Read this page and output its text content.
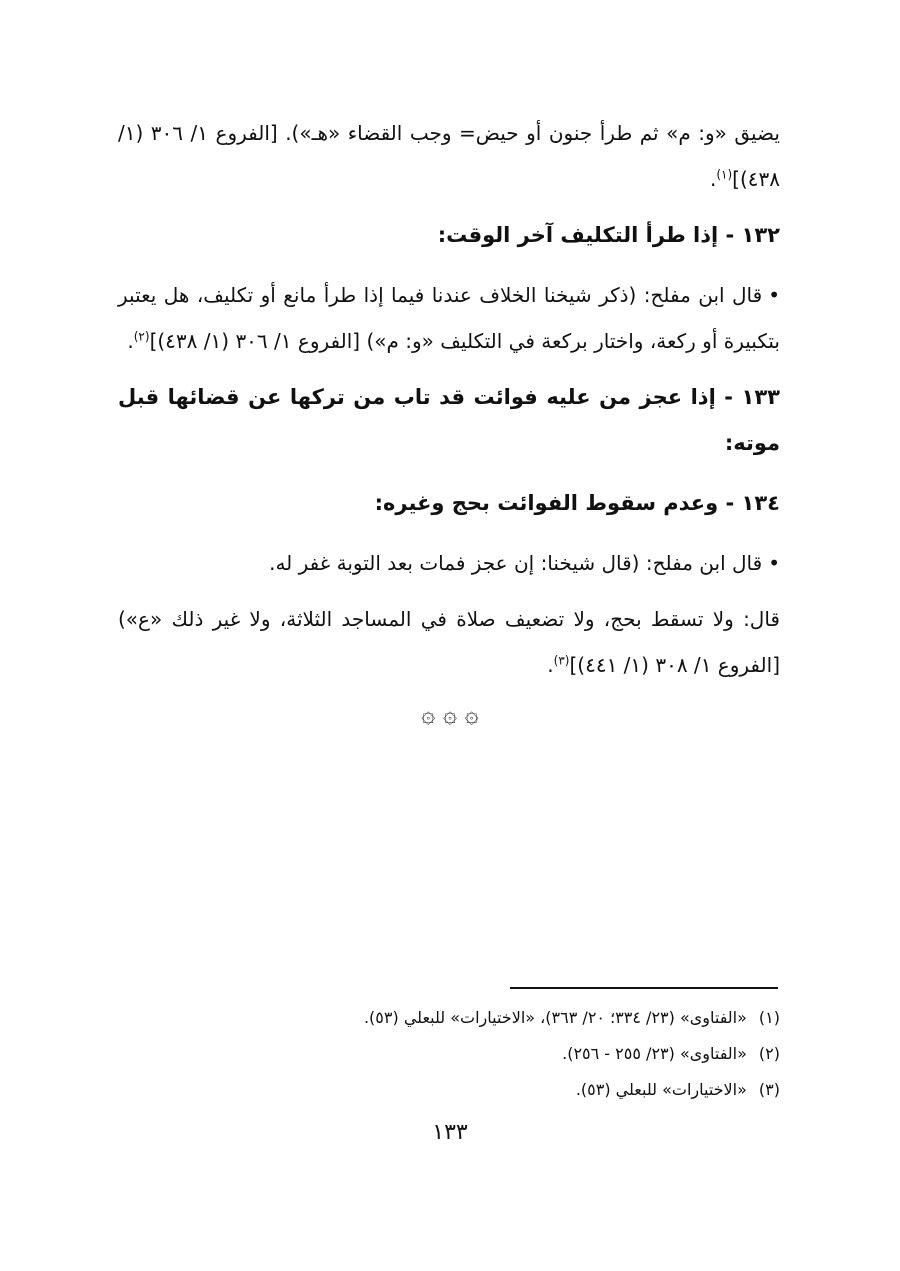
يضيق «و: م» ثم طرأ جنون أو حيض= وجب القضاء «هـ»). [الفروع ١/ ٣٠٦ (١/ ٤٣٨)]$^{(١)}$.

١٣٢ - إذا طرأ التكليف آخر الوقت:

•قال ابن مفلح: (ذكر شيخنا الخلاف عندنا فيما إذا طرأ مانع أو تكليف، هل يعتبر بتكبيرة أو ركعة، واختار بركعة في التكليف «و: م») [الفروع ١/ ٣٠٦ (١/ ٤٣٨)]$^{(٢)}$.

١٣٣ - إذا عجز من عليه فوائت قد تاب من تركها عن قضائها قبل موته:

١٣٤ - وعدم سقوط الفوائت بحج وغيره:

•قال ابن مفلح: (قال شيخنا: إن عجز فمات بعد التوبة غفر له.

قال: ولا تسقط بحج، ولا تضعيف صلاة في المساجد الثلاثة، ولا غير ذلك «ع») [الفروع ١/ ٣٠٨ (١/ ٤٤١)]$^{(٣)}$.

۞ ۞ ۞

(١)«الفتاوى» (٢٣/ ٣٣٤؛ ٢٠/ ٣٦٣)، «الاختيارات» للبعلي (٥٣).

(٢)«الفتاوى» (٢٣/ ٢٥٥ - ٢٥٦).

(٣)«الاختيارات» للبعلي (٥٣).

١٣٣
